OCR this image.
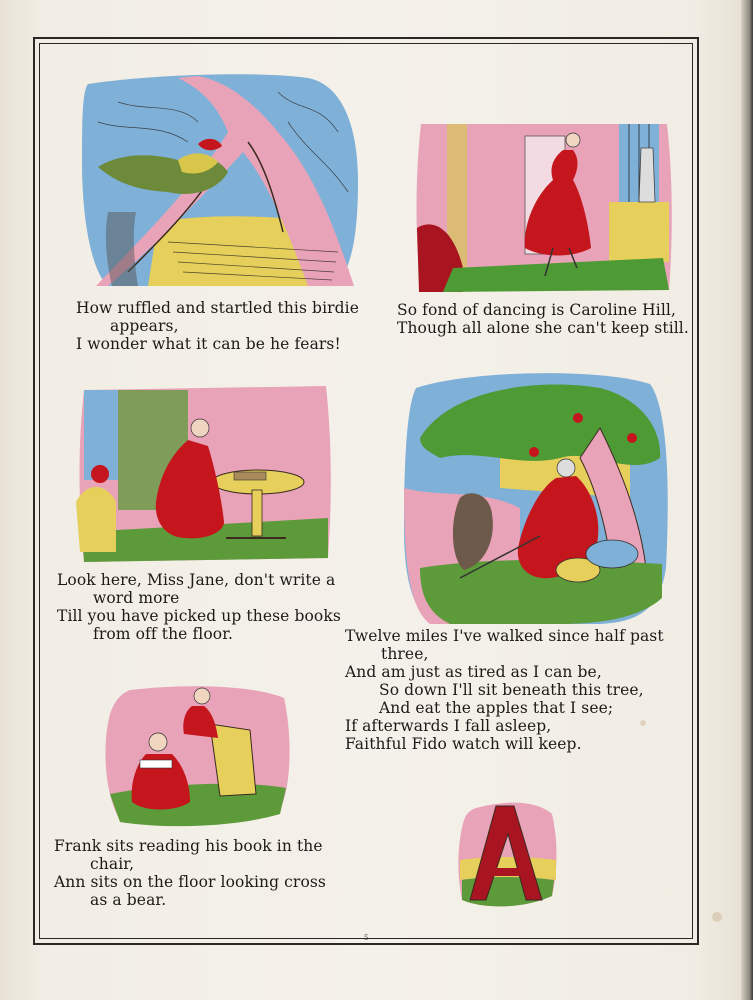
How ruffled and startled this birdie
appears,
I wonder what it can be he fears!
So fond of dancing is Caroline Hill,
Though all alone she can't keep still.
Look here, Miss Jane, don't write a
word more
Till you have picked up these books
from off the floor.	Twelve miles I've walked since half past
three,
And am just as tired as I can be,
So down I'll sit beneath this tree,
And eat the apples that I see;
If afterwards I fall asleep,
Faithful Fido watch will keep.
Frank sits reading his book in the
chair,
Ann sits on the floor looking cross
as a bear.
5
